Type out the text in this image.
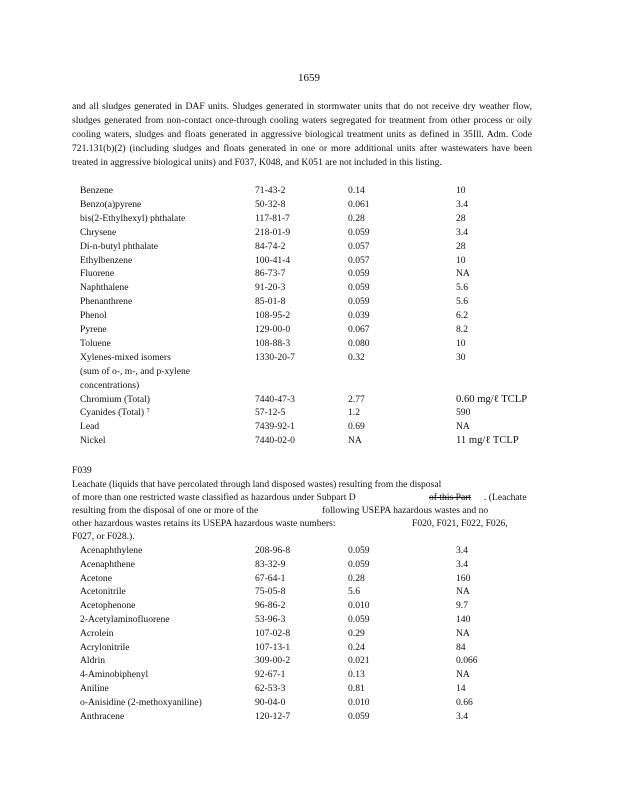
1659

and all sludges generated in DAF units. Sludges generated in stormwater units that do not receive dry weather flow, sludges generated from non-contact once-through cooling waters segregated for treatment from other process or oily cooling waters, sludges and floats generated in aggressive biological treatment units as defined in 35Ill. Adm. Code 721.131(b)(2) (including sludges and floats generated in one or more additional units after wastewaters have been treated in aggressive biological units) and F037, K048, and K051 are not included in this listing.

Benzene	71-43-2	0.14	10
Benzo(a)pyrene	50-32-8	0.061	3.4
bis(2-Ethylhexyl) phthalate	117-81-7	0.28	28
Chrysene	218-01-9	0.059	3.4
Di-n-butyl phthalate	84-74-2	0.057	28
Ethylbenzene	100-41-4	0.057	10
Fluorene	86-73-7	0.059	NA
Naphthalene	91-20-3	0.059	5.6
Phenanthrene	85-01-8	0.059	5.6
Phenol	108-95-2	0.039	6.2
Pyrene	129-00-0	0.067	8.2
Toluene	108-88-3	0.080	10
Xylenes-mixed isomers	1330-20-7	0.32	30
(sum of o-, m-, and p-xylene
concentrations)
Chromium (Total)	7440-47-3	2.77	0.60 mg/ℓ TCLP
Cyanides (Total) ⁷	57-12-5	1.2	590
Lead	7439-92-1	0.69	NA
Nickel	7440-02-0	NA	11 mg/ℓ TCLP
F039
Leachate (liquids that have percolated through land disposed wastes) resulting from the disposal
of more than one restricted waste classified as hazardous under Subpart D	of this Part . (Leachate
resulting from the disposal of one or more of the	following USEPA hazardous wastes and no
other hazardous wastes retains its USEPA hazardous waste numbers:	F020, F021, F022, F026,
F027, or F028.).
Acenaphthylene	208-96-8	0.059	3.4
Acenaphthene	83-32-9	0.059	3.4
Acetone	67-64-1	0.28	160
Acetonitrile	75-05-8	5.6	NA
Acetophenone	96-86-2	0.010	9.7
2-Acetylaminofluorene	53-96-3	0.059	140
Acrolein	107-02-8	0.29	NA
Acrylonitrile	107-13-1	0.24	84
Aldrin	309-00-2	0.021	0.066
4-Aminobiphenyl	92-67-1	0.13	NA
Aniline	62-53-3	0.81	14
o-Anisidine (2-methoxyaniline)	90-04-0	0.010	0.66
Anthracene	120-12-7	0.059	3.4
